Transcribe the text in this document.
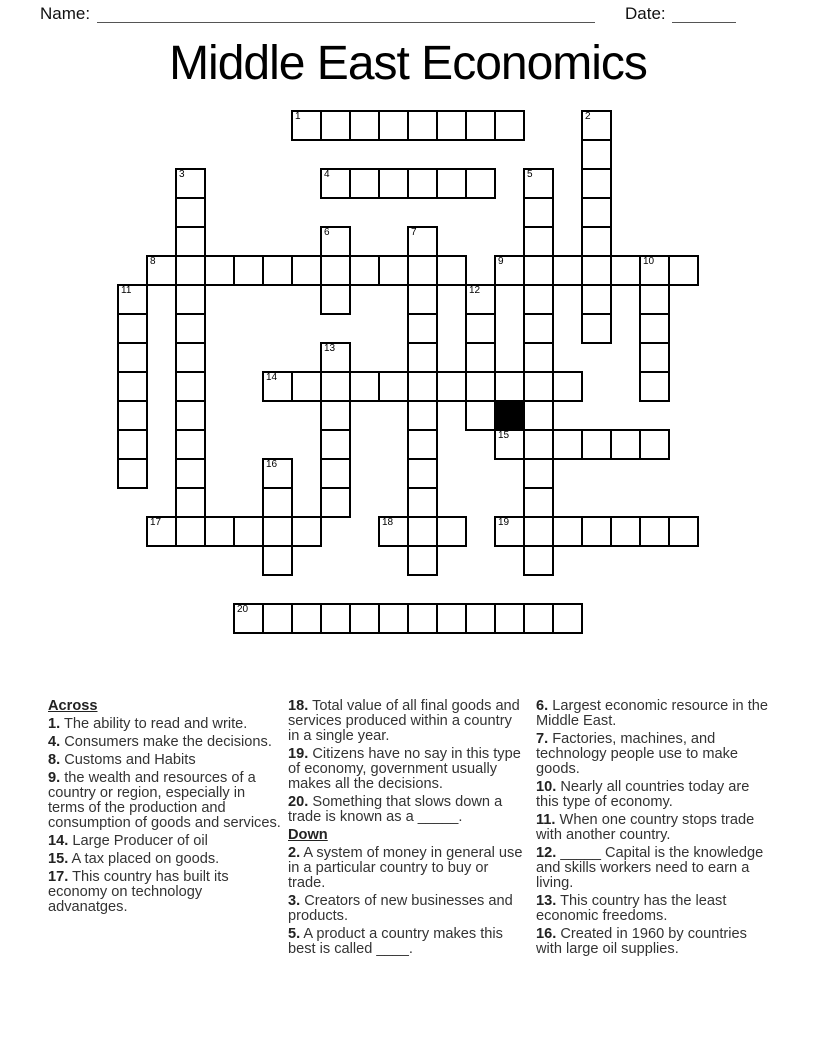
Name:	Date:
Middle East Economics
1	2
3	4	5
6	7
8	9	10
11	12
13
14
15
16
17	18	19
20
Across
1. The ability to read and write.
4. Consumers make the decisions.
8. Customs and Habits
9. the wealth and resources of a country or region, especially in terms of the production and consumption of goods and services.
14. Large Producer of oil
15. A tax placed on goods.
17. This country has built its economy on technology advanatges.
18. Total value of all final goods and services produced within a country in a single year.
19. Citizens have no say in this type of economy, government usually makes all the decisions.
20. Something that slows down a trade is known as a _____.
Down
2. A system of money in general use in a particular country to buy or trade.
3. Creators of new businesses and products.
5. A product a country makes this best is called ____.
6. Largest economic resource in the Middle East.
7. Factories, machines, and technology people use to make goods.
10. Nearly all countries today are this type of economy.
11. When one country stops trade with another country.
12. _____ Capital is the knowledge and skills workers need to earn a living.
13. This country has the least economic freedoms.
16. Created in 1960 by countries with large oil supplies.
